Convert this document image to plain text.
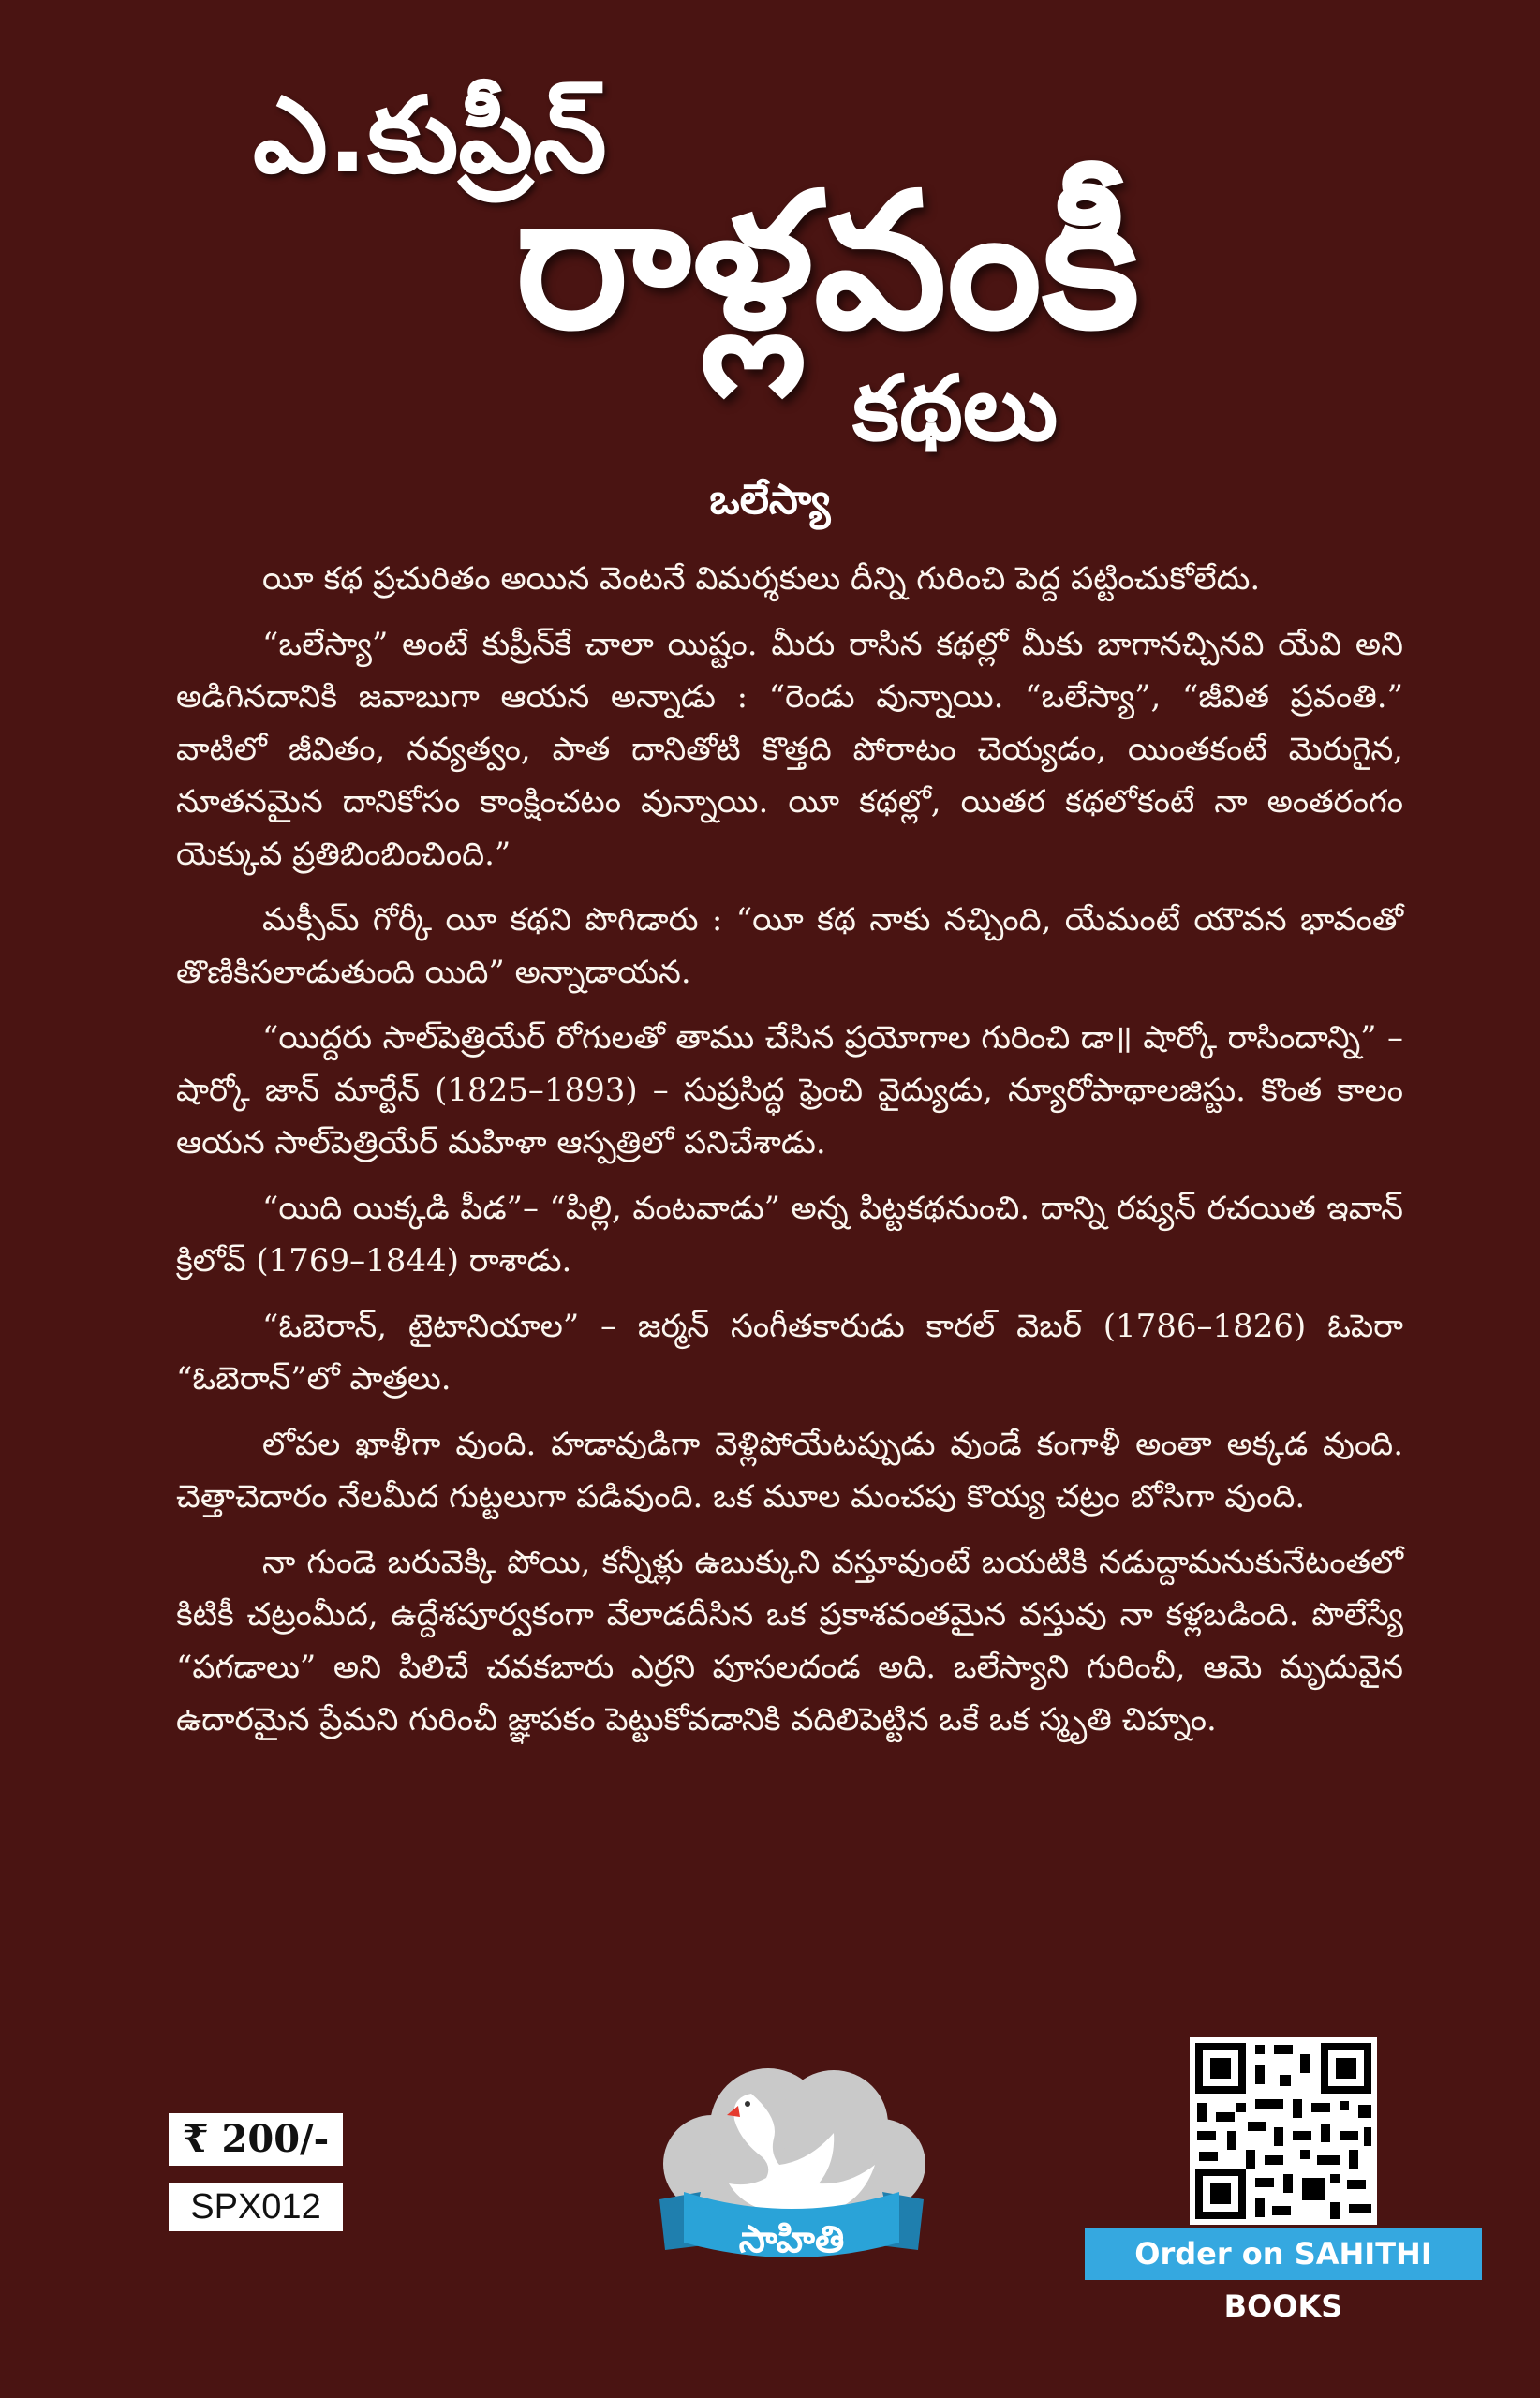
ఎ.కుప్రీన్
రాళ్లవంకీ
కథలు
ఒలేస్యా

యీ కథ ప్రచురితం అయిన వెంటనే విమర్శకులు దీన్ని గురించి పెద్ద పట్టించుకోలేదు.

“ఒలేస్యా” అంటే కుప్రీన్‌కే చాలా యిష్టం. మీరు రాసిన కథల్లో మీకు బాగానచ్చినవి యేవి అని అడిగినదానికి జవాబుగా ఆయన అన్నాడు : “రెండు వున్నాయి. “ఒలేస్యా”, “జీవిత ప్రవంతి.” వాటిలో జీవితం, నవ్యత్వం, పాత దానితోటి కొత్తది పోరాటం చెయ్యడం, యింతకంటే మెరుగైన, నూతనమైన దానికోసం కాంక్షించటం వున్నాయి. యీ కథల్లో, యితర కథలోకంటే నా అంతరంగం యెక్కువ ప్రతిబింబించింది.”

మక్సీమ్ గోర్కీ యీ కథని పొగిడారు : “యీ కథ నాకు నచ్చింది, యేమంటే యౌవన భావంతో తొణికిసలాడుతుంది యిది” అన్నాడాయన.

“యిద్దరు సాల్‌పెత్రియేర్ రోగులతో తాము చేసిన ప్రయోగాల గురించి డా॥ షార్కో రాసిందాన్ని” – షార్కో జాన్ మార్టేన్ (1825–1893) – సుప్రసిద్ధ ఫ్రెంచి వైద్యుడు, న్యూరోపాథాలజిస్టు. కొంత కాలం ఆయన సాల్‌పెత్రియేర్ మహిళా ఆస్పత్రిలో పనిచేశాడు.

“యిది యిక్కడి పీడ”– “పిల్లి, వంటవాడు” అన్న పిట్టకథనుంచి. దాన్ని రష్యన్ రచయిత ఇవాన్ క్రిలోవ్ (1769–1844) రాశాడు.

“ఓబెరాన్, టైటానియాల” – జర్మన్ సంగీతకారుడు కారల్ వెబర్ (1786–1826) ఓపెరా “ఓబెరాన్”లో పాత్రలు.

లోపల ఖాళీగా వుంది. హడావుడిగా వెళ్లిపోయేటప్పుడు వుండే కంగాళీ అంతా అక్కడ వుంది. చెత్తాచెదారం నేలమీద గుట్టలుగా పడివుంది. ఒక మూల మంచపు కొయ్య చట్రం బోసిగా వుంది.

నా గుండె బరువెక్కి పోయి, కన్నీళ్లు ఉబుక్కుని వస్తూవుంటే బయటికి నడుద్దామనుకునేటంతలో కిటికీ చట్రంమీద, ఉద్దేశపూర్వకంగా వేలాడదీసిన ఒక ప్రకాశవంతమైన వస్తువు నా కళ్లబడింది. పొలేస్యే “పగడాలు” అని పిలిచే చవకబారు ఎర్రని పూసలదండ అది. ఒలేస్యాని గురించీ, ఆమె మృదువైన ఉదారమైన ప్రేమని గురించీ జ్ఞాపకం పెట్టుకోవడానికి వదిలిపెట్టిన ఒకే ఒక స్మృతి చిహ్నం.

₹ 200/-
SPX012
సాహితి	Order on SAHITHI BOOKS
